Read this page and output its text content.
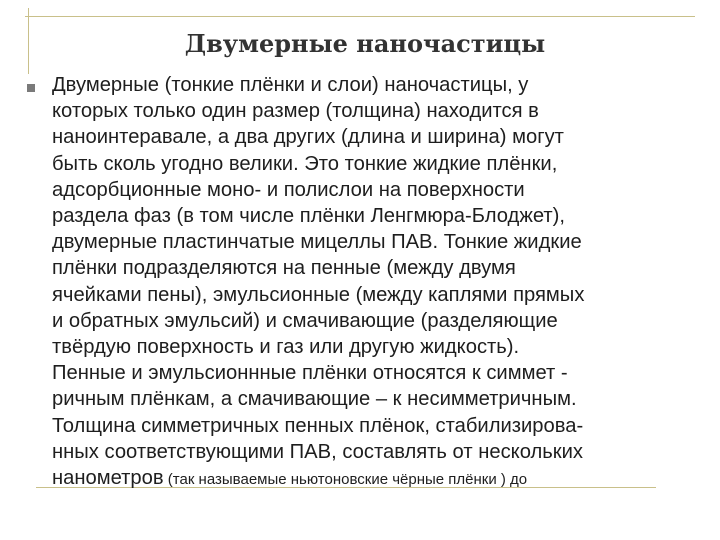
Двумерные наночастицы
Двумерные (тонкие плёнки и слои) наночастицы, у
которых только один размер (толщина) находится в
наноинтеравале, а два других (длина и ширина) могут
быть сколь угодно велики. Это тонкие жидкие плёнки,
адсорбционные моно- и полислои на поверхности
раздела фаз (в том числе плёнки Ленгмюра-Блоджет),
двумерные пластинчатые мицеллы ПАВ. Тонкие жидкие
плёнки подразделяются на пенные (между двумя
ячейками пены), эмульсионные (между каплями прямых
и обратных эмульсий) и смачивающие (разделяющие
твёрдую поверхность и газ или другую жидкость).
Пенные и эмульсионнные плёнки относятся к симмет -
ричным плёнкам, а смачивающие – к несимметричным.
Толщина симметричных пенных плёнок, стабилизирова-
нных соответствующими ПАВ, составлять от нескольких
нанометров (так называемые ньютоновские чёрные плёнки ) до
